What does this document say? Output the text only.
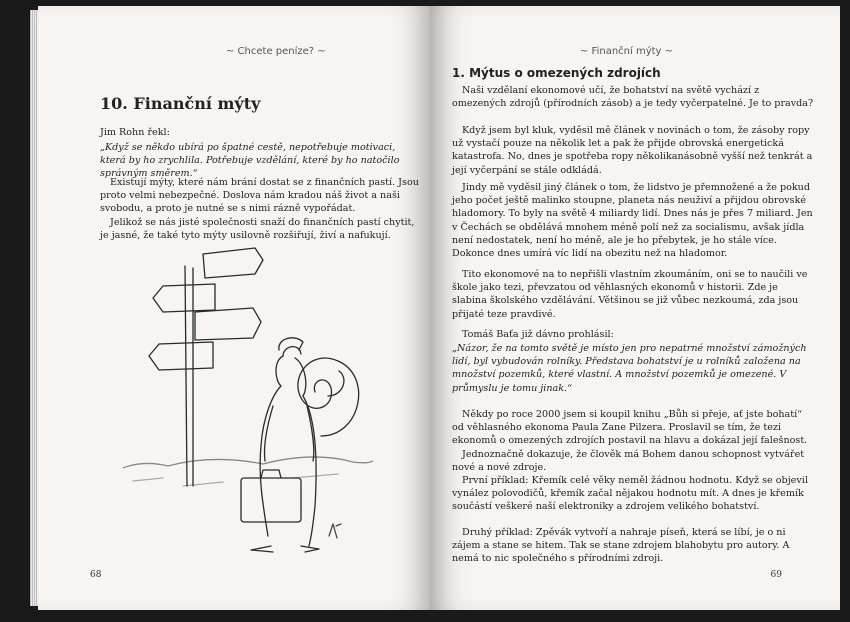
~ Chcete peníze? ~
10. Finanční mýty

Jim Rohn řekl:

„Když se někdo ubírá po špatné cestě, nepotřebuje motivaci, která by ho zrychlila. Potřebuje vzdělání, které by ho natočilo správným směrem.“

Existují mýty, které nám brání dostat se z finančních pastí. Jsou proto velmi nebezpečné. Doslova nám kradou náš život a naši svobodu, a proto je nutné se s nimi rázně vypořádat.

Jelikož se nás jisté společnosti snaží do finančních pastí chytit, je jasné, že také tyto mýty usilovně rozšiřují, živí a nafukují.

68
~ Finanční mýty ~
1. Mýtus o omezených zdrojích

Naši vzdělaní ekonomové učí, že bohatství na světě vychází z omezených zdrojů (přírodních zásob) a je tedy vyčerpatelné. Je to pravda?

Když jsem byl kluk, vyděsil mě článek v novinách o tom, že zásoby ropy už vystačí pouze na několik let a pak že přijde obrovská energetická katastrofa. No, dnes je spotřeba ropy několikanásobně vyšší než tenkrát a její vyčerpání se stále odkládá.

Jindy mě vyděsil jiný článek o tom, že lidstvo je přemnožené a že pokud jeho počet ještě malinko stoupne, planeta nás neuživí a přijdou obrovské hladomory. To byly na světě 4 miliardy lidí. Dnes nás je přes 7 miliard. Jen v Čechách se obdělává mnohem méně polí než za socialismu, avšak jídla není nedostatek, není ho méně, ale je ho přebytek, je ho stále více. Dokonce dnes umírá víc lidí na obezitu než na hladomor.

Tito ekonomové na to nepřišli vlastním zkoumáním, oni se to naučili ve škole jako tezi, převzatou od věhlasných ekonomů v historii. Zde je slabina školského vzdělávání. Většinou se již vůbec nezkoumá, zda jsou přijaté teze pravdivé.

Tomáš Baťa již dávno prohlásil:

„Názor, že na tomto světě je místo jen pro nepatrné množství zámožných lidí, byl vybudován rolníky. Představa bohatství je u rolníků založena na množství pozemků, které vlastní. A množství pozemků je omezené. V průmyslu je tomu jinak.“

Někdy po roce 2000 jsem si koupil knihu „Bůh si přeje, ať jste bohatí“ od věhlasného ekonoma Paula Zane Pilzera. Proslavil se tím, že tezi ekonomů o omezených zdrojích postavil na hlavu a dokázal její falešnost.

Jednoznačně dokazuje, že člověk má Bohem danou schopnost vytvářet nové a nové zdroje.

První příklad: Křemík celé věky neměl žádnou hodnotu. Když se objevil vynález polovodičů, křemík začal nějakou hodnotu mít. A dnes je křemík součástí veškeré naší elektroniky a zdrojem velikého bohatství.

Druhý příklad: Zpěvák vytvoří a nahraje píseň, která se líbí, je o ni zájem a stane se hitem. Tak se stane zdrojem blahobytu pro autory. A nemá to nic společného s přírodními zdroji.

69
